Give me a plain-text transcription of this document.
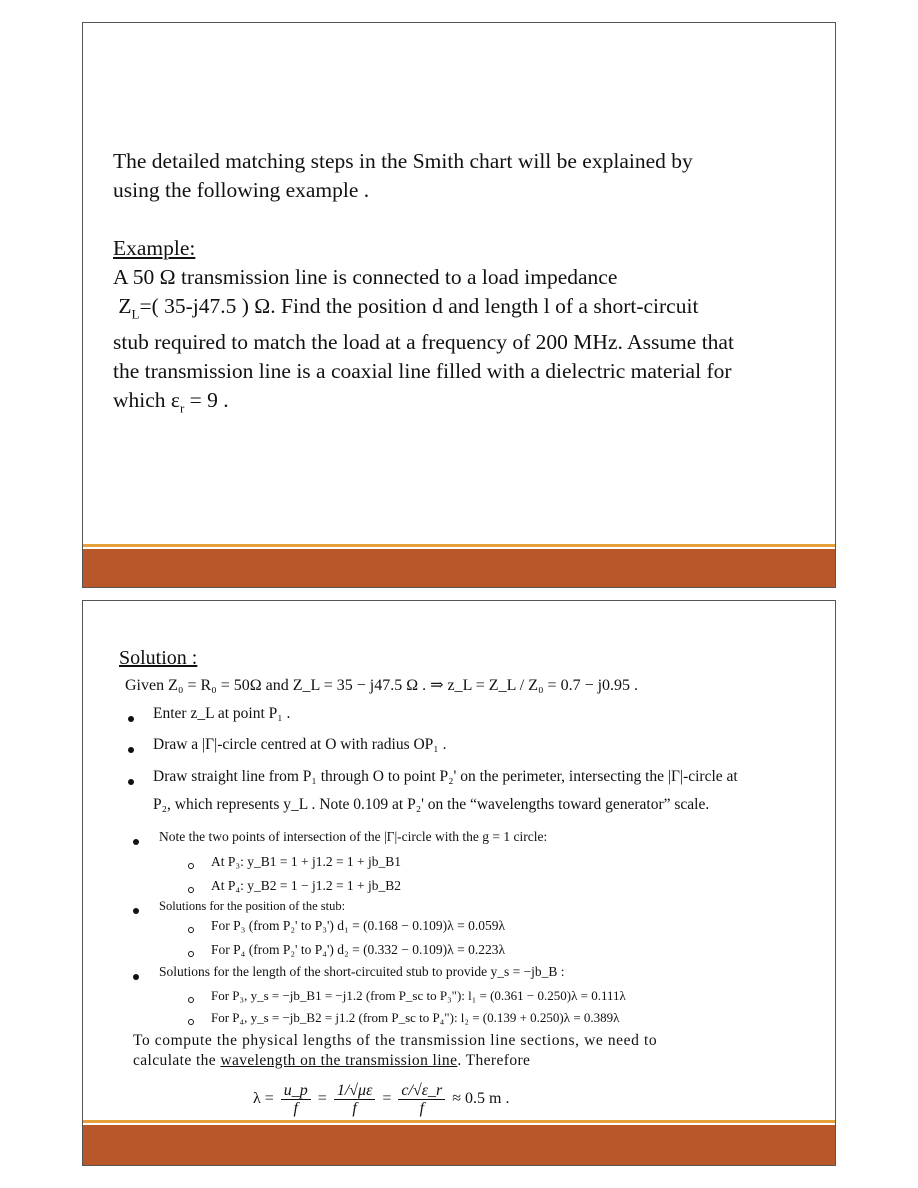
The detailed matching steps in the Smith chart will be explained by

using the following example .

Example:

A 50 Ω transmission line is connected to a load impedance

$Z_L=$( 35-j47.5 ) Ω. Find the position d and length l of a short-circuit

stub required to match the load at a frequency of 200 MHz. Assume that

the transmission line is a coaxial line filled with a dielectric material for

which $\varepsilon_r = 9$ .

Solution :
Given Z₀ = R₀ = 50Ω and Z_L = 35 − j47.5 Ω . ⇒ z_L = Z_L / Z₀ = 0.7 − j0.95 .
Enter z_L at point P₁ .
Draw a |Γ|-circle centred at O with radius OP₁ .
Draw straight line from P₁ through O to point P₂' on the perimeter, intersecting the |Γ|-circle at
P₂, which represents y_L . Note 0.109 at P₂' on the “wavelengths toward generator” scale.
Note the two points of intersection of the |Γ|-circle with the g = 1 circle:
At P₃: y_B1 = 1 + j1.2 = 1 + jb_B1
At P₄: y_B2 = 1 − j1.2 = 1 + jb_B2
Solutions for the position of the stub:
For P₃ (from P₂' to P₃') d₁ = (0.168 − 0.109)λ = 0.059λ
For P₄ (from P₂' to P₄') d₂ = (0.332 − 0.109)λ = 0.223λ
Solutions for the length of the short-circuited stub to provide y_s = −jb_B :
For P₃, y_s = −jb_B1 = −j1.2 (from P_sc to P₃"): l₁ = (0.361 − 0.250)λ = 0.111λ
For P₄, y_s = −jb_B2 = j1.2 (from P_sc to P₄"): l₂ = (0.139 + 0.250)λ = 0.389λ
To compute the physical lengths of the transmission line sections, we need to
calculate the wavelength on the transmission line. Therefore
$\lambda = \frac{u\_p}{f} = \frac{1/√\mu\varepsilon}{f} = \frac{c/√\varepsilon\_r}{f} \approx 0.5$ m .
